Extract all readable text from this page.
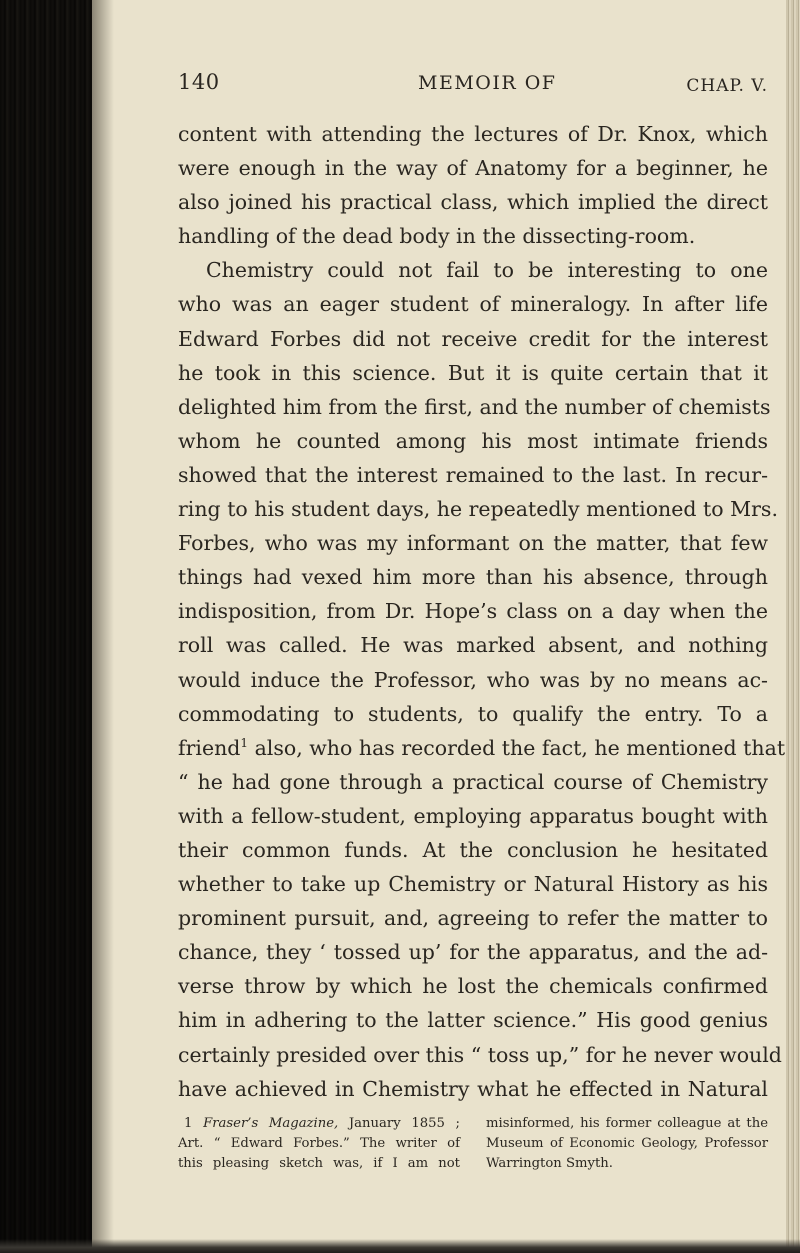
140	MEMOIR OF	CHAP. V.
content with attending the lectures of Dr. Knox, which
were enough in the way of Anatomy for a beginner, he
also joined his practical class, which implied the direct
handling of the dead body in the dissecting-room.
Chemistry could not fail to be interesting to one
who was an eager student of mineralogy. In after life
Edward Forbes did not receive credit for the interest
he took in this science. But it is quite certain that it
delighted him from the first, and the number of chemists
whom he counted among his most intimate friends
showed that the interest remained to the last. In recur-
ring to his student days, he repeatedly mentioned to Mrs.
Forbes, who was my informant on the matter, that few
things had vexed him more than his absence, through
indisposition, from Dr. Hope’s class on a day when the
roll was called. He was marked absent, and nothing
would induce the Professor, who was by no means ac-
commodating to students, to qualify the entry. To a
friend$^1$ also, who has recorded the fact, he mentioned that
“ he had gone through a practical course of Chemistry
with a fellow-student, employing apparatus bought with
their common funds. At the conclusion he hesitated
whether to take up Chemistry or Natural History as his
prominent pursuit, and, agreeing to refer the matter to
chance, they ‘ tossed up’ for the apparatus, and the ad-
verse throw by which he lost the chemicals confirmed
him in adhering to the latter science.” His good genius
certainly presided over this “ toss up,” for he never would
have achieved in Chemistry what he effected in Natural
1 Fraser’s Magazine, January 1855 ;
Art. “ Edward Forbes.” The writer of
this pleasing sketch was, if I am not
misinformed, his former colleague at the
Museum of Economic Geology, Professor
Warrington Smyth.
